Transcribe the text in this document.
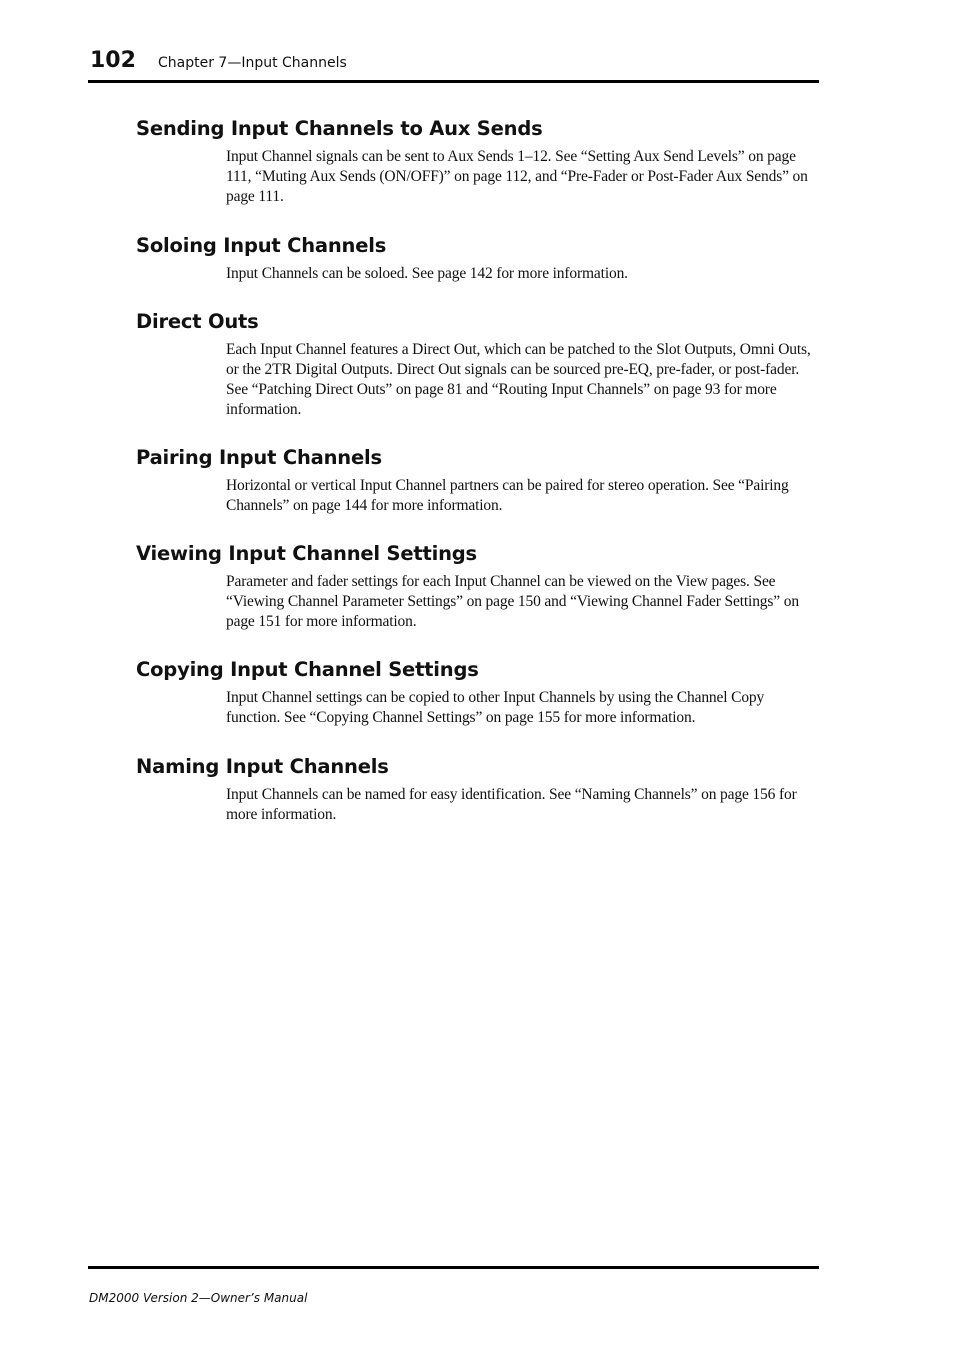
102 Chapter 7—Input Channels
Sending Input Channels to Aux Sends

Input Channel signals can be sent to Aux Sends 1–12. See “Setting Aux Send Levels” on page 111, “Muting Aux Sends (ON/OFF)” on page 112, and “Pre-Fader or Post-Fader Aux Sends” on page 111.

Soloing Input Channels

Input Channels can be soloed. See page 142 for more information.

Direct Outs

Each Input Channel features a Direct Out, which can be patched to the Slot Outputs, Omni Outs, or the 2TR Digital Outputs. Direct Out signals can be sourced pre-EQ, pre-fader, or post-fader. See “Patching Direct Outs” on page 81 and “Routing Input Channels” on page 93 for more information.

Pairing Input Channels

Horizontal or vertical Input Channel partners can be paired for stereo operation. See “Pairing Channels” on page 144 for more information.

Viewing Input Channel Settings

Parameter and fader settings for each Input Channel can be viewed on the View pages. See “Viewing Channel Parameter Settings” on page 150 and “Viewing Channel Fader Settings” on page 151 for more information.

Copying Input Channel Settings

Input Channel settings can be copied to other Input Channels by using the Channel Copy function. See “Copying Channel Settings” on page 155 for more information.

Naming Input Channels

Input Channels can be named for easy identification. See “Naming Channels” on page 156 for more information.

DM2000 Version 2—Owner’s Manual
